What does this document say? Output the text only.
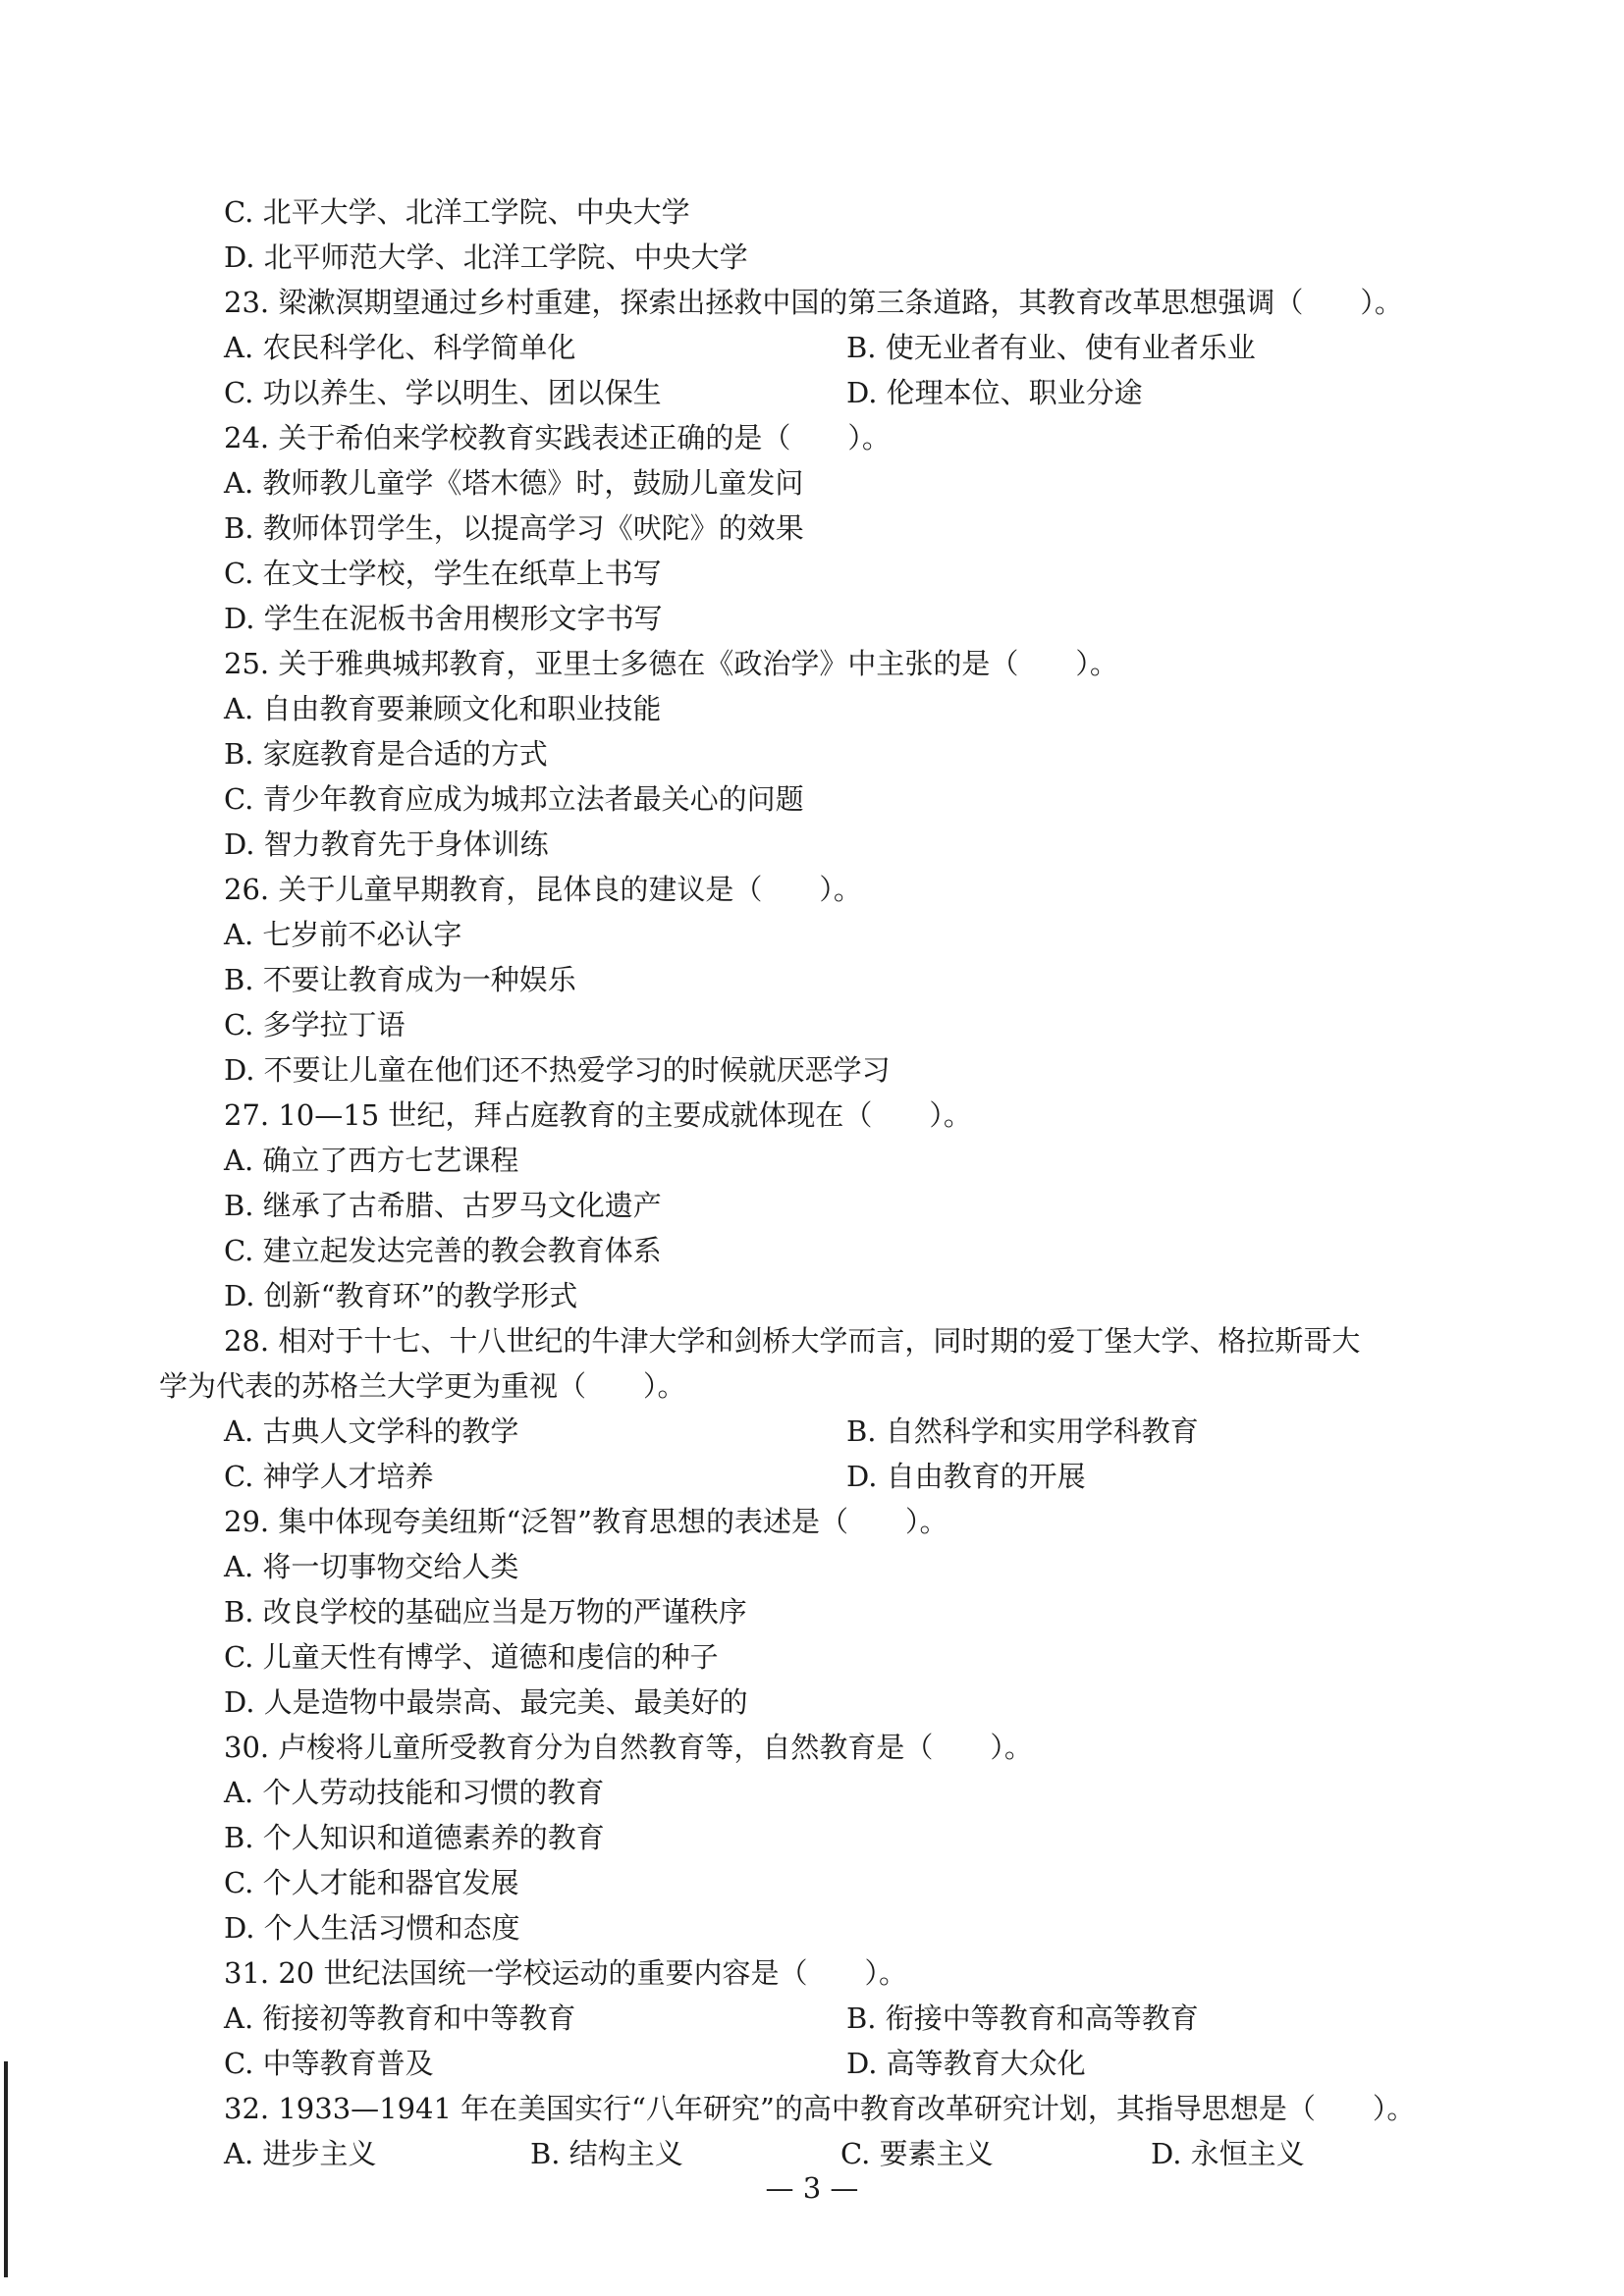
C. 北平大学、北洋工学院、中央大学
D. 北平师范大学、北洋工学院、中央大学
23. 梁漱溟期望通过乡村重建，探索出拯救中国的第三条道路，其教育改革思想强调（　　）。
A. 农民科学化、科学简单化	B. 使无业者有业、使有业者乐业
C. 功以养生、学以明生、团以保生	D. 伦理本位、职业分途
24. 关于希伯来学校教育实践表述正确的是（　　）。
A. 教师教儿童学《塔木德》时，鼓励儿童发问
B. 教师体罚学生，以提高学习《吠陀》的效果
C. 在文士学校，学生在纸草上书写
D. 学生在泥板书舍用楔形文字书写
25. 关于雅典城邦教育，亚里士多德在《政治学》中主张的是（　　）。
A. 自由教育要兼顾文化和职业技能
B. 家庭教育是合适的方式
C. 青少年教育应成为城邦立法者最关心的问题
D. 智力教育先于身体训练
26. 关于儿童早期教育，昆体良的建议是（　　）。
A. 七岁前不必认字
B. 不要让教育成为一种娱乐
C. 多学拉丁语
D. 不要让儿童在他们还不热爱学习的时候就厌恶学习
27. 10—15 世纪，拜占庭教育的主要成就体现在（　　）。
A. 确立了西方七艺课程
B. 继承了古希腊、古罗马文化遗产
C. 建立起发达完善的教会教育体系
D. 创新“教育环”的教学形式
28. 相对于十七、十八世纪的牛津大学和剑桥大学而言，同时期的爱丁堡大学、格拉斯哥大
学为代表的苏格兰大学更为重视（　　）。
A. 古典人文学科的教学	B. 自然科学和实用学科教育
C. 神学人才培养	D. 自由教育的开展
29. 集中体现夸美纽斯“泛智”教育思想的表述是（　　）。
A. 将一切事物交给人类
B. 改良学校的基础应当是万物的严谨秩序
C. 儿童天性有博学、道德和虔信的种子
D. 人是造物中最崇高、最完美、最美好的
30. 卢梭将儿童所受教育分为自然教育等，自然教育是（　　）。
A. 个人劳动技能和习惯的教育
B. 个人知识和道德素养的教育
C. 个人才能和器官发展
D. 个人生活习惯和态度
31. 20 世纪法国统一学校运动的重要内容是（　　）。
A. 衔接初等教育和中等教育	B. 衔接中等教育和高等教育
C. 中等教育普及	D. 高等教育大众化
32. 1933—1941 年在美国实行“八年研究”的高中教育改革研究计划，其指导思想是（　　）。
A. 进步主义	B. 结构主义	C. 要素主义	D. 永恒主义
— 3 —
